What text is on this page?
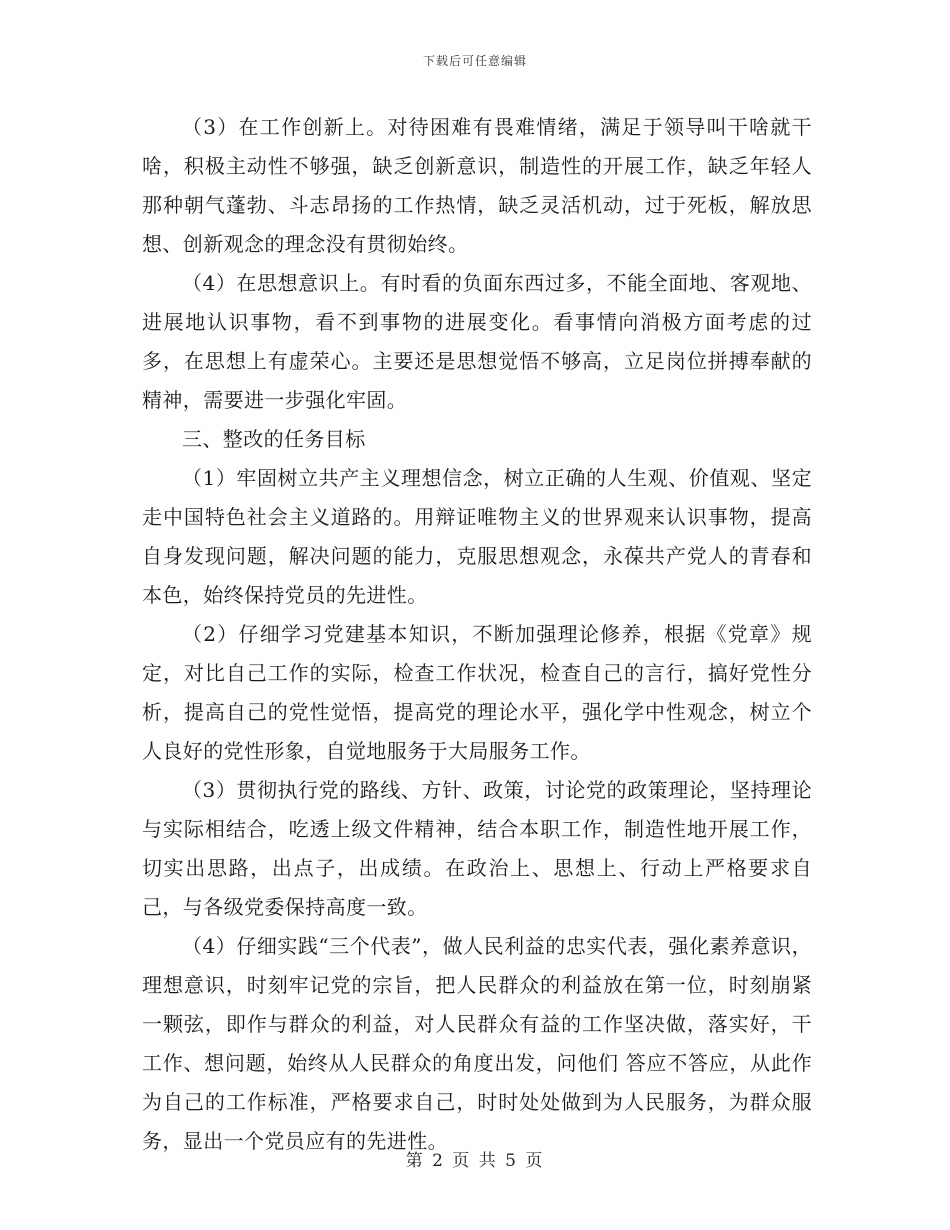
下载后可任意编辑

（3）在工作创新上。对待困难有畏难情绪，满足于领导叫干啥就干啥，积极主动性不够强，缺乏创新意识，制造性的开展工作，缺乏年轻人那种朝气蓬勃、斗志昂扬的工作热情，缺乏灵活机动，过于死板，解放思想、创新观念的理念没有贯彻始终。

（4）在思想意识上。有时看的负面东西过多，不能全面地、客观地、进展地认识事物，看不到事物的进展变化。看事情向消极方面考虑的过多，在思想上有虚荣心。主要还是思想觉悟不够高，立足岗位拼搏奉献的精神，需要进一步强化牢固。

三、整改的任务目标

（1）牢固树立共产主义理想信念，树立正确的人生观、价值观、坚定走中国特色社会主义道路的。用辩证唯物主义的世界观来认识事物，提高自身发现问题，解决问题的能力，克服思想观念，永葆共产党人的青春和本色，始终保持党员的先进性。

（2）仔细学习党建基本知识，不断加强理论修养，根据《党章》规定，对比自己工作的实际，检查工作状况，检查自己的言行，搞好党性分析，提高自己的党性觉悟，提高党的理论水平，强化学中性观念，树立个人良好的党性形象，自觉地服务于大局服务工作。

（3）贯彻执行党的路线、方针、政策，讨论党的政策理论，坚持理论与实际相结合，吃透上级文件精神，结合本职工作，制造性地开展工作，切实出思路，出点子，出成绩。在政治上、思想上、行动上严格要求自己，与各级党委保持高度一致。

（4）仔细实践“三个代表”，做人民利益的忠实代表，强化素养意识，理想意识，时刻牢记党的宗旨，把人民群众的利益放在第一位，时刻崩紧一颗弦，即作与群众的利益，对人民群众有益的工作坚决做，落实好，干工作、想问题，始终从人民群众的角度出发，问他们 答应不答应，从此作为自己的工作标准，严格要求自己，时时处处做到为人民服务，为群众服务，显出一个党员应有的先进性。

第 2 页 共 5 页
